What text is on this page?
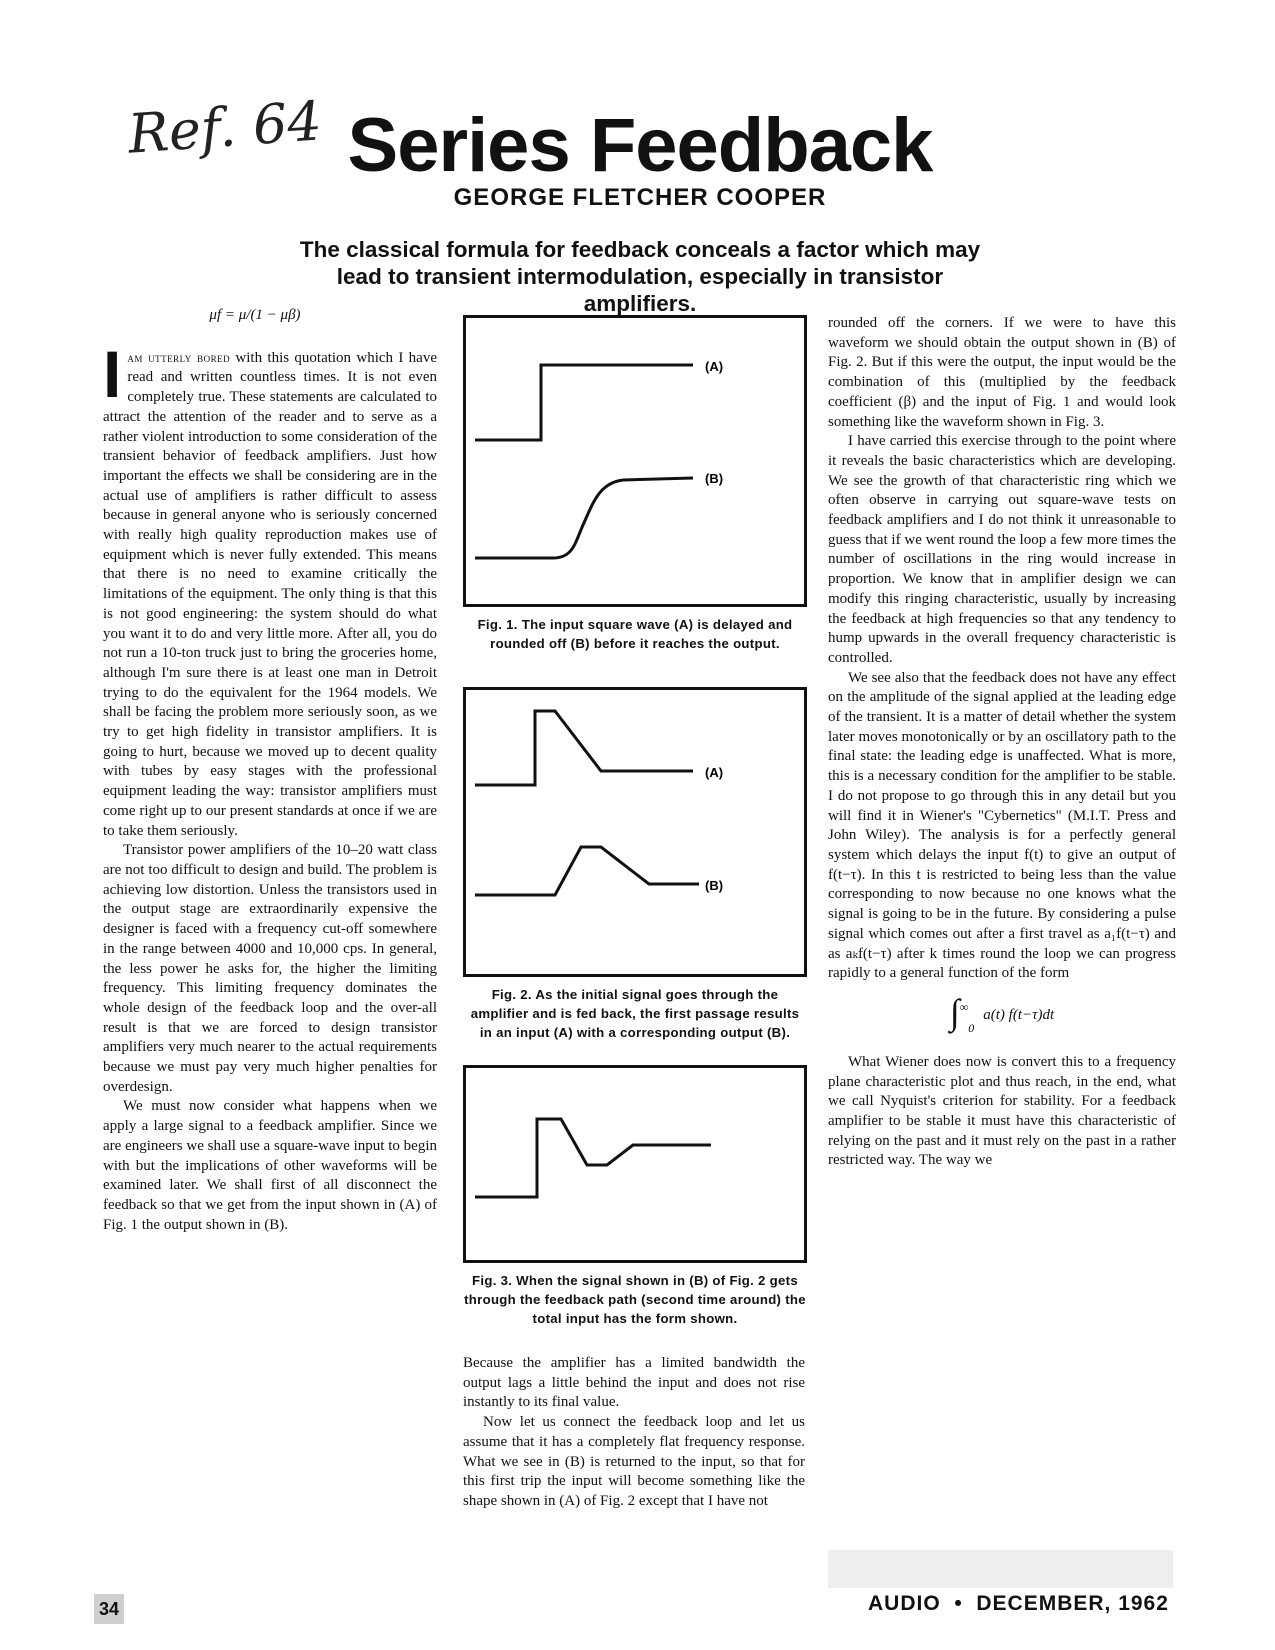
Ref. 64 Series Feedback
GEORGE FLETCHER COOPER
The classical formula for feedback conceals a factor which may lead to transient intermodulation, especially in transistor amplifiers.
μf = μ/(1 − μβ)

Iam utterly bored with this quotation which I have read and written countless times. It is not even completely true. These statements are calculated to attract the attention of the reader and to serve as a rather violent introduction to some consideration of the transient behavior of feedback amplifiers. Just how important the effects we shall be considering are in the actual use of amplifiers is rather difficult to assess because in general anyone who is seriously concerned with really high quality reproduction makes use of equipment which is never fully extended. This means that there is no need to examine critically the limitations of the equipment. The only thing is that this is not good engineering: the system should do what you want it to do and very little more. After all, you do not run a 10-ton truck just to bring the groceries home, although I'm sure there is at least one man in Detroit trying to do the equivalent for the 1964 models. We shall be facing the problem more seriously soon, as we try to get high fidelity in transistor amplifiers. It is going to hurt, because we moved up to decent quality with tubes by easy stages with the professional equipment leading the way: transistor amplifiers must come right up to our present standards at once if we are to take them seriously.

Transistor power amplifiers of the 10–20 watt class are not too difficult to design and build. The problem is achieving low distortion. Unless the transistors used in the output stage are extraordinarily expensive the designer is faced with a frequency cut-off somewhere in the range between 4000 and 10,000 cps. In general, the less power he asks for, the higher the limiting frequency. This limiting frequency dominates the whole design of the feedback loop and the over-all result is that we are forced to design transistor amplifiers very much nearer to the actual requirements because we must pay very much higher penalties for overdesign.

We must now consider what happens when we apply a large signal to a feedback amplifier. Since we are engineers we shall use a square-wave input to begin with but the implications of other waveforms will be examined later. We shall first of all disconnect the feedback so that we get from the input shown in (A) of Fig. 1 the output shown in (B).

(A)
(B)
Fig. 1. The input square wave (A) is delayed and rounded off (B) before it reaches the output.
(A)
(B)
Fig. 2. As the initial signal goes through the amplifier and is fed back, the first passage results in an input (A) with a corresponding output (B).
Fig. 3. When the signal shown in (B) of Fig. 2 gets through the feedback path (second time around) the total input has the form shown.

Because the amplifier has a limited bandwidth the output lags a little behind the input and does not rise instantly to its final value.

Now let us connect the feedback loop and let us assume that it has a completely flat frequency response. What we see in (B) is returned to the input, so that for this first trip the input will become something like the shape shown in (A) of Fig. 2 except that I have not

rounded off the corners. If we were to have this waveform we should obtain the output shown in (B) of Fig. 2. But if this were the output, the input would be the combination of this (multiplied by the feedback coefficient (β) and the input of Fig. 1 and would look something like the waveform shown in Fig. 3.

I have carried this exercise through to the point where it reveals the basic characteristics which are developing. We see the growth of that characteristic ring which we often observe in carrying out square-wave tests on feedback amplifiers and I do not think it unreasonable to guess that if we went round the loop a few more times the number of oscillations in the ring would increase in proportion. We know that in amplifier design we can modify this ringing characteristic, usually by increasing the feedback at high frequencies so that any tendency to hump upwards in the overall frequency characteristic is controlled.

We see also that the feedback does not have any effect on the amplitude of the signal applied at the leading edge of the transient. It is a matter of detail whether the system later moves monotonically or by an oscillatory path to the final state: the leading edge is unaffected. What is more, this is a necessary condition for the amplifier to be stable. I do not propose to go through this in any detail but you will find it in Wiener's "Cybernetics" (M.I.T. Press and John Wiley). The analysis is for a perfectly general system which delays the input f(t) to give an output of f(t−τ). In this t is restricted to being less than the value corresponding to now because no one knows what the signal is going to be in the future. By considering a pulse signal which comes out after a first travel as a₁f(t−τ) and as aₖf(t−τ) after k times round the loop we can progress rapidly to a general function of the form

$\int^\infty_0$ a(t) f(t−τ)dt

What Wiener does now is convert this to a frequency plane characteristic plot and thus reach, in the end, what we call Nyquist's criterion for stability. For a feedback amplifier to be stable it must have this characteristic of relying on the past and it must rely on the past in a rather restricted way. The way we

34	AUDIO  •  DECEMBER, 1962
